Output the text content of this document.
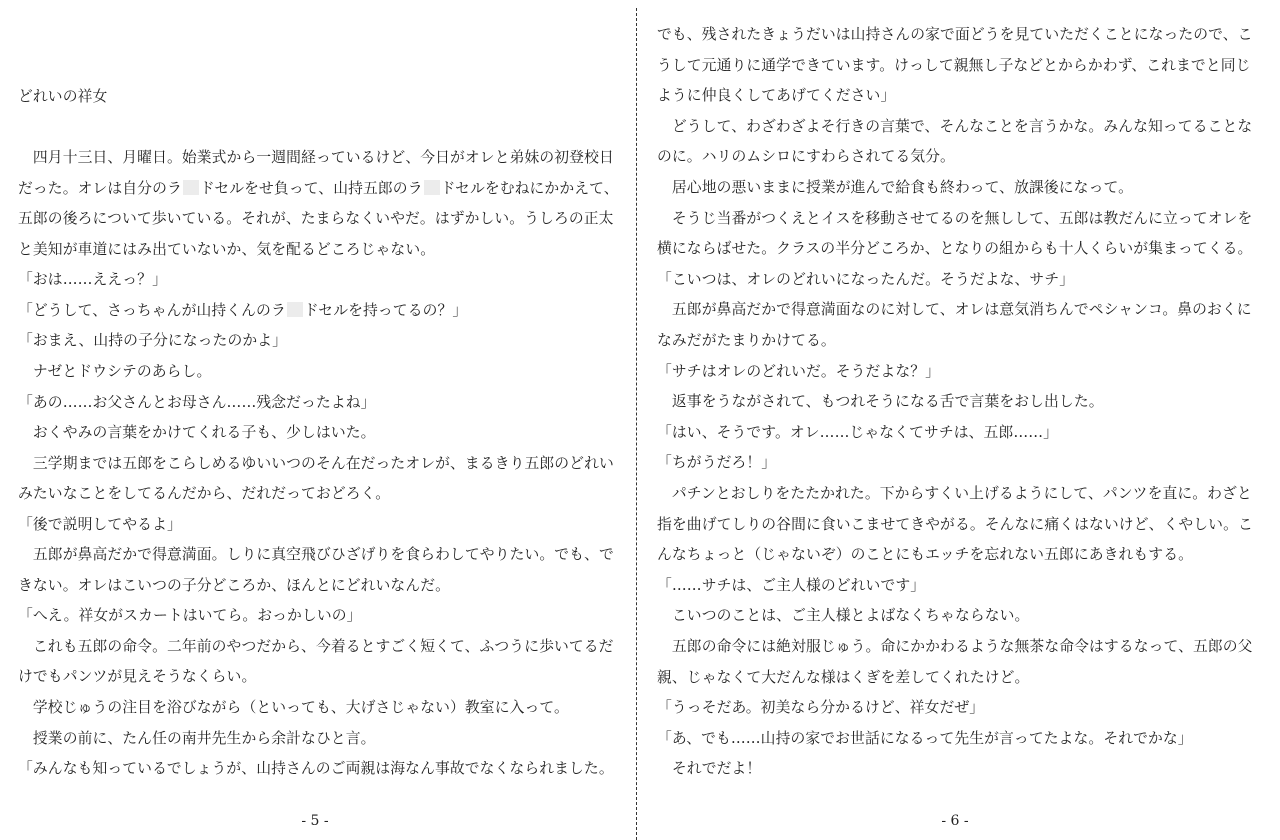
どれいの祥女
　四月十三日、月曜日。始業式から一週間経っているけど、今日がオレと弟妹の初登校日
だった。オレは自分のラ ドセルをせ負って、山持五郎のラ ドセルをむねにかかえて、
五郎の後ろについて歩いている。それが、たまらなくいやだ。はずかしい。うしろの正太
と美知が車道にはみ出ていないか、気を配るどころじゃない。
「おは……ええっ？」
「どうして、さっちゃんが山持くんのラ ドセルを持ってるの？」
「おまえ、山持の子分になったのかよ」
　ナゼとドウシテのあらし。
「あの……お父さんとお母さん……残念だったよね」
　おくやみの言葉をかけてくれる子も、少しはいた。
　三学期までは五郎をこらしめるゆいいつのそん在だったオレが、まるきり五郎のどれい
みたいなことをしてるんだから、だれだっておどろく。
「後で説明してやるよ」
　五郎が鼻高だかで得意満面。しりに真空飛びひざげりを食らわしてやりたい。でも、で
きない。オレはこいつの子分どころか、ほんとにどれいなんだ。
「へえ。祥女がスカートはいてら。おっかしいの」
　これも五郎の命令。二年前のやつだから、今着るとすごく短くて、ふつうに歩いてるだ
けでもパンツが見えそうなくらい。
　学校じゅうの注目を浴びながら（といっても、大げさじゃない）教室に入って。
　授業の前に、たん任の南井先生から余計なひと言。
「みんなも知っているでしょうが、山持さんのご両親は海なん事故でなくなられました。
- 5 -
でも、残されたきょうだいは山持さんの家で面どうを見ていただくことになったので、こ
うして元通りに通学できています。けっして親無し子などとからかわず、これまでと同じ
ように仲良くしてあげてください」
　どうして、わざわざよそ行きの言葉で、そんなことを言うかな。みんな知ってることな
のに。ハリのムシロにすわらされてる気分。
　居心地の悪いままに授業が進んで給食も終わって、放課後になって。
　そうじ当番がつくえとイスを移動させてるのを無しして、五郎は教だんに立ってオレを
横にならばせた。クラスの半分どころか、となりの組からも十人くらいが集まってくる。
「こいつは、オレのどれいになったんだ。そうだよな、サチ」
　五郎が鼻高だかで得意満面なのに対して、オレは意気消ちんでペシャンコ。鼻のおくに
なみだがたまりかけてる。
「サチはオレのどれいだ。そうだよな？」
　返事をうながされて、もつれそうになる舌で言葉をおし出した。
「はい、そうです。オレ……じゃなくてサチは、五郎……」
「ちがうだろ！」
　パチンとおしりをたたかれた。下からすくい上げるようにして、パンツを直に。わざと
指を曲げてしりの谷間に食いこませてきやがる。そんなに痛くはないけど、くやしい。こ
んなちょっと（じゃないぞ）のことにもエッチを忘れない五郎にあきれもする。
「……サチは、ご主人様のどれいです」
　こいつのことは、ご主人様とよばなくちゃならない。
　五郎の命令には絶対服じゅう。命にかかわるような無茶な命令はするなって、五郎の父
親、じゃなくて大だんな様はくぎを差してくれたけど。
「うっそだあ。初美なら分かるけど、祥女だぜ」
「あ、でも……山持の家でお世話になるって先生が言ってたよな。それでかな」
　それでだよ！
- 6 -
